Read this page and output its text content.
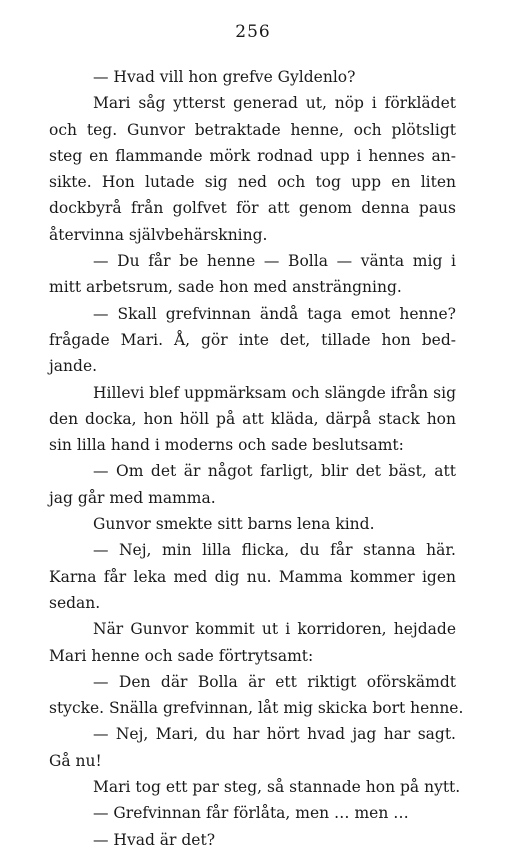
256
— Hvad vill hon grefve Gyldenlo?
Mari såg ytterst generad ut, nöp i förklädet
och teg. Gunvor betraktade henne, och plötsligt
steg en flammande mörk rodnad upp i hennes an-
sikte. Hon lutade sig ned och tog upp en liten
dockbyrå från golfvet för att genom denna paus
återvinna självbehärskning.
— Du får be henne — Bolla — vänta mig i
mitt arbetsrum, sade hon med ansträngning.
— Skall grefvinnan ändå taga emot henne?
frågade Mari. Å, gör inte det, tillade hon bed-
jande.
Hillevi blef uppmärksam och slängde ifrån sig
den docka, hon höll på att kläda, därpå stack hon
sin lilla hand i moderns och sade beslutsamt:
— Om det är något farligt, blir det bäst, att
jag går med mamma.
Gunvor smekte sitt barns lena kind.
— Nej, min lilla flicka, du får stanna här.
Karna får leka med dig nu. Mamma kommer igen
sedan.
När Gunvor kommit ut i korridoren, hejdade
Mari henne och sade förtrytsamt:
— Den där Bolla är ett riktigt oförskämdt
stycke. Snälla grefvinnan, låt mig skicka bort henne.
— Nej, Mari, du har hört hvad jag har sagt.
Gå nu!
Mari tog ett par steg, så stannade hon på nytt.
— Grefvinnan får förlåta, men … men …
— Hvad är det?
